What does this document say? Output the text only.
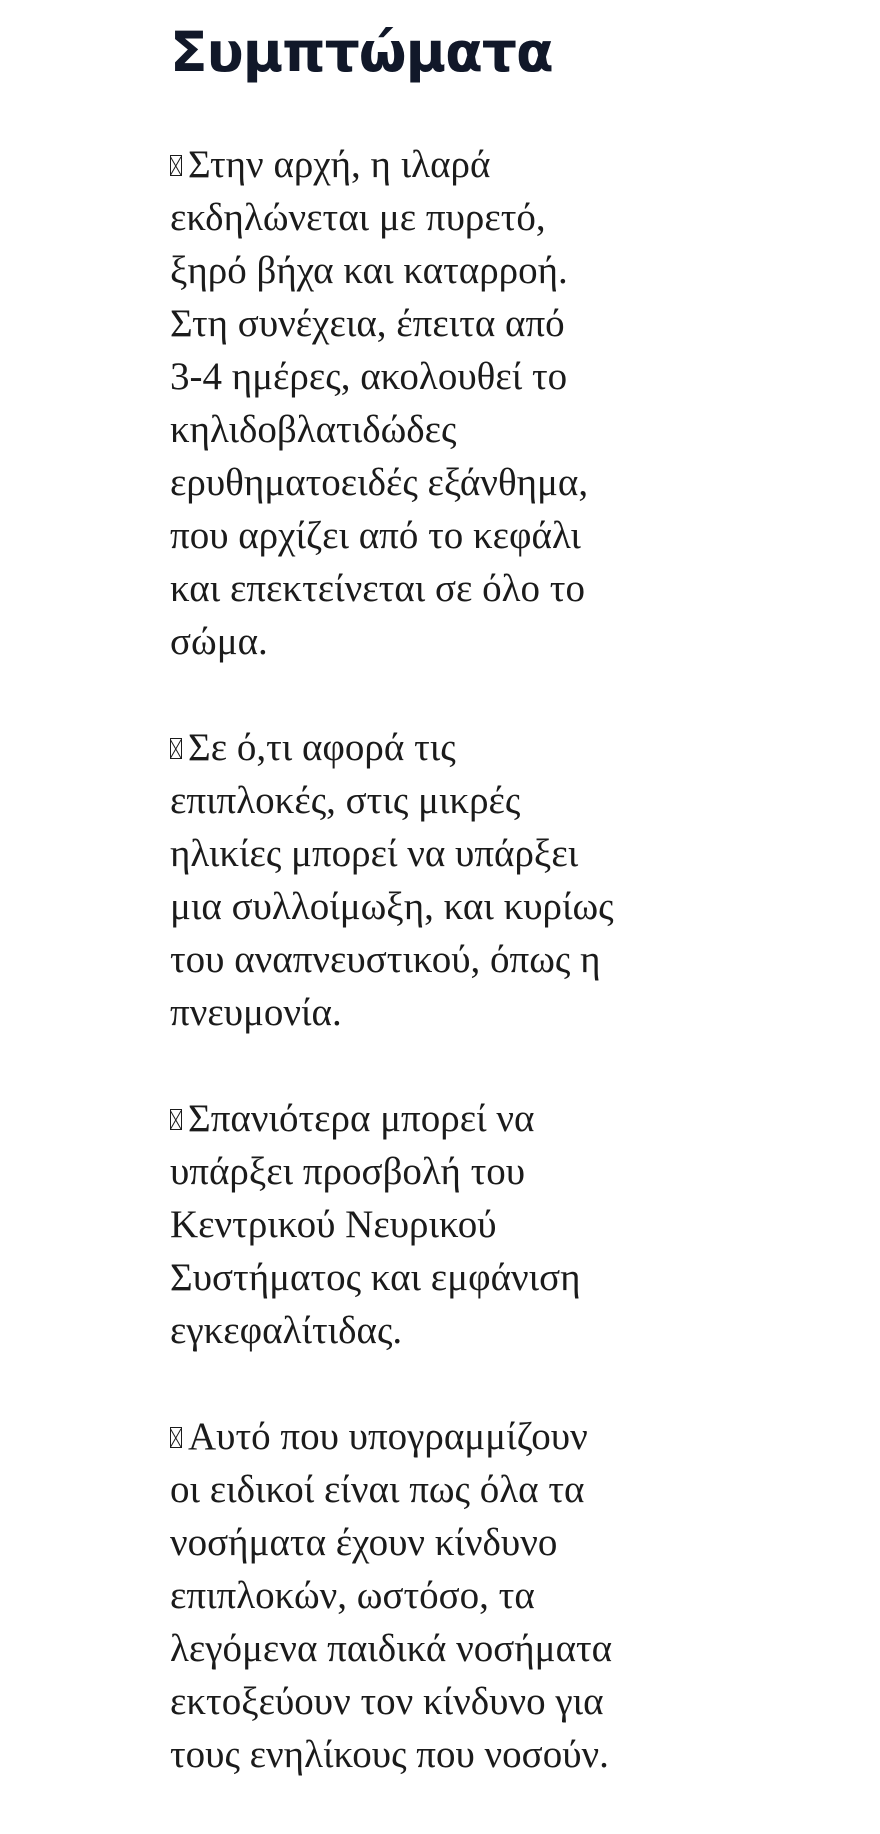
Συμπτώματα
Στην αρχή, η ιλαρά
εκδηλώνεται με πυρετό,
ξηρό βήχα και καταρροή.
Στη συνέχεια, έπειτα από
3-4 ημέρες, ακολουθεί το
κηλιδοβλατιδώδες
ερυθηματοειδές εξάνθημα,
που αρχίζει από το κεφάλι
και επεκτείνεται σε όλο το
σώμα.
Σε ό,τι αφορά τις
επιπλοκές, στις μικρές
ηλικίες μπορεί να υπάρξει
μια συλλοίμωξη, και κυρίως
του αναπνευστικού, όπως η
πνευμονία.
Σπανιότερα μπορεί να
υπάρξει προσβολή του
Κεντρικού Νευρικού
Συστήματος και εμφάνιση
εγκεφαλίτιδας.
Αυτό που υπογραμμίζουν
οι ειδικοί είναι πως όλα τα
νοσήματα έχουν κίνδυνο
επιπλοκών, ωστόσο, τα
λεγόμενα παιδικά νοσήματα
εκτοξεύουν τον κίνδυνο για
τους ενηλίκους που νοσούν.
